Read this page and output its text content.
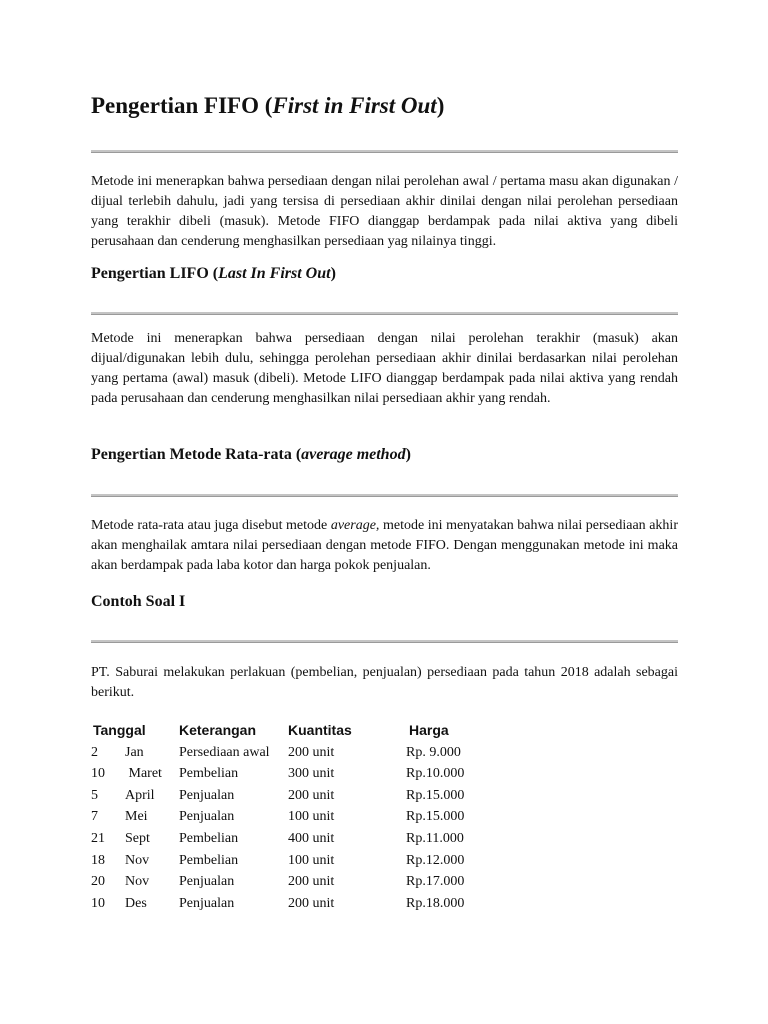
Pengertian FIFO (First in First Out)
Metode ini menerapkan bahwa persediaan dengan nilai perolehan awal / pertama masu akan digunakan / dijual terlebih dahulu, jadi yang tersisa di persediaan akhir dinilai dengan nilai perolehan persediaan yang terakhir dibeli (masuk). Metode FIFO dianggap berdampak pada nilai aktiva yang dibeli perusahaan dan cenderung menghasilkan persediaan yag nilainya tinggi.
Pengertian LIFO (Last In First Out)
Metode ini menerapkan bahwa persediaan dengan nilai perolehan terakhir (masuk) akan dijual/digunakan lebih dulu, sehingga perolehan persediaan akhir dinilai berdasarkan nilai perolehan yang pertama (awal) masuk (dibeli). Metode LIFO dianggap berdampak pada nilai aktiva yang rendah pada perusahaan dan cenderung menghasilkan nilai persediaan akhir yang rendah.
Pengertian Metode Rata-rata (average method)
Metode rata-rata atau juga disebut metode average, metode ini menyatakan bahwa nilai persediaan akhir akan menghailak amtara nilai persediaan dengan metode FIFO. Dengan menggunakan metode ini maka akan berdampak pada laba kotor dan harga pokok penjualan.
Contoh Soal I
PT. Saburai melakukan perlakuan (pembelian, penjualan) persediaan pada tahun 2018 adalah sebagai berikut.
Tanggal		Keterangan	Kuantitas	Harga
2	Jan	Persediaan awal	200 unit	Rp. 9.000
10	Maret	Pembelian	300 unit	Rp.10.000
5	April	Penjualan	200 unit	Rp.15.000
7	Mei	Penjualan	100 unit	Rp.15.000
21	Sept	Pembelian	400 unit	Rp.11.000
18	Nov	Pembelian	100 unit	Rp.12.000
20	Nov	Penjualan	200 unit	Rp.17.000
10	Des	Penjualan	200 unit	Rp.18.000
